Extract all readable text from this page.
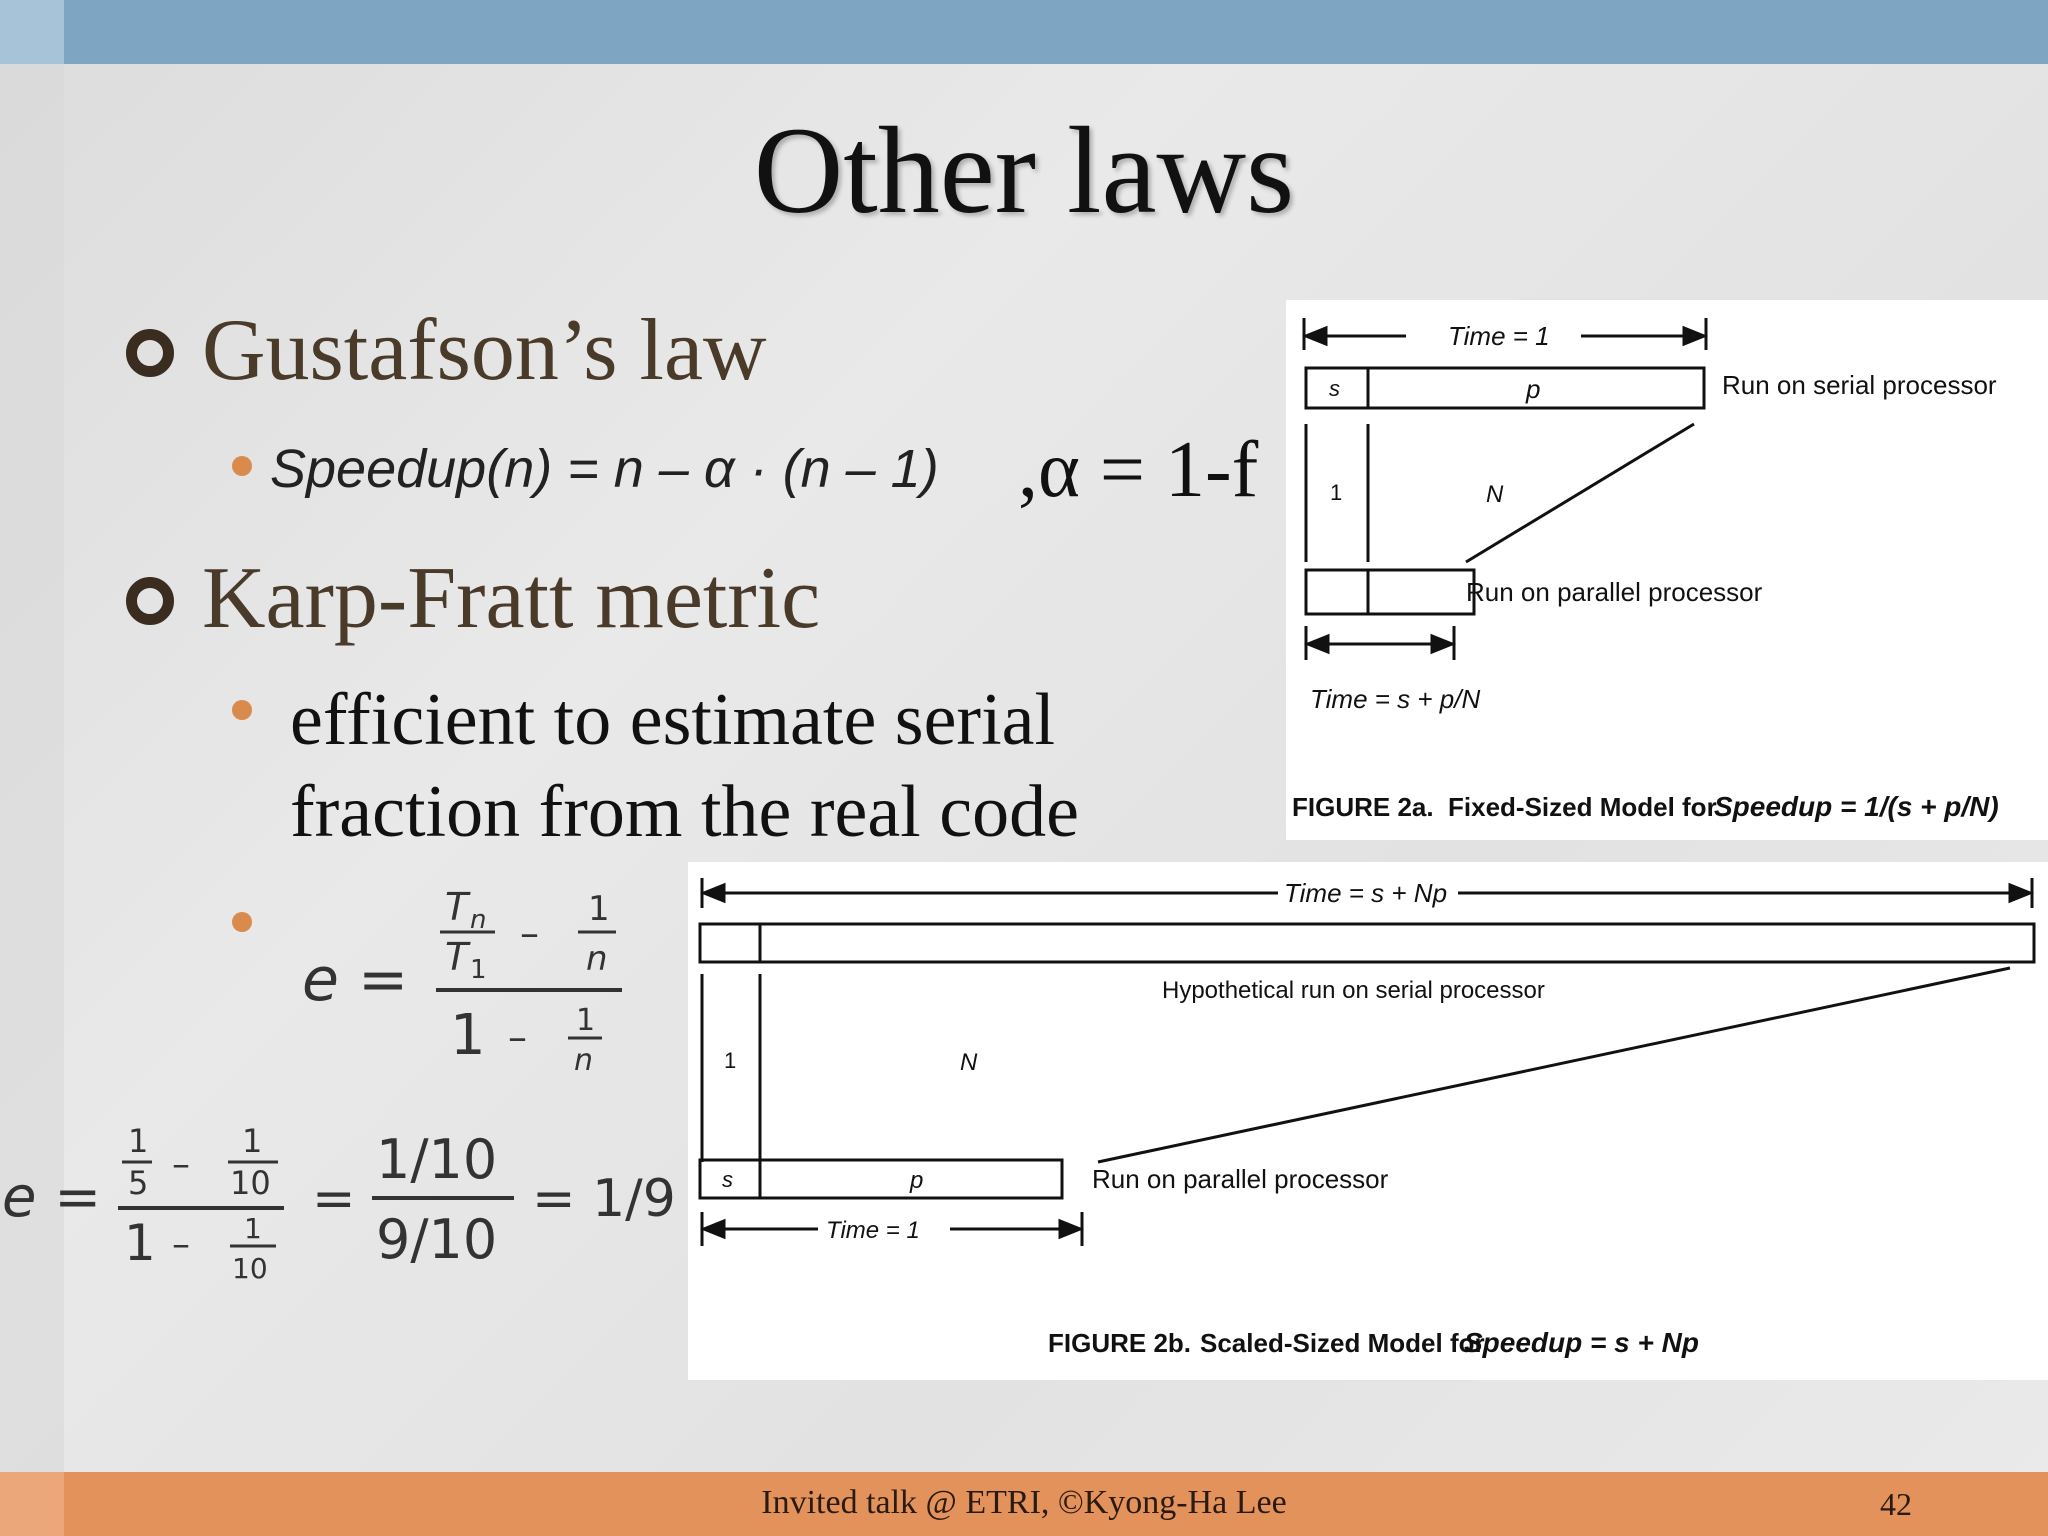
Other laws
Gustafson’s law
Speedup(n) = n – α · (n – 1) ,α = 1-f
Karp-Fratt metric
efficient to estimate serial
fraction from the real code
e =
T n
T 1
–
1
n
1 – 1
n
e =
1
5 –
1
10
1 – 1
10
=
1/10
9/10
= 1/9
Time = 1
s	p	Run on serial processor
1	N
Run on parallel processor
Time = s + p/N
FIGURE 2a. Fixed-Sized Model for
Speedup = 1/(s + p/N)
Time = s + Np
Hypothetical run on serial processor
1	N
s	p	Run on parallel processor
Time = 1
FIGURE 2b. Scaled-Sized Model for
Speedup = s + Np
Invited talk @ ETRI, ©Kyong-Ha Lee	42
